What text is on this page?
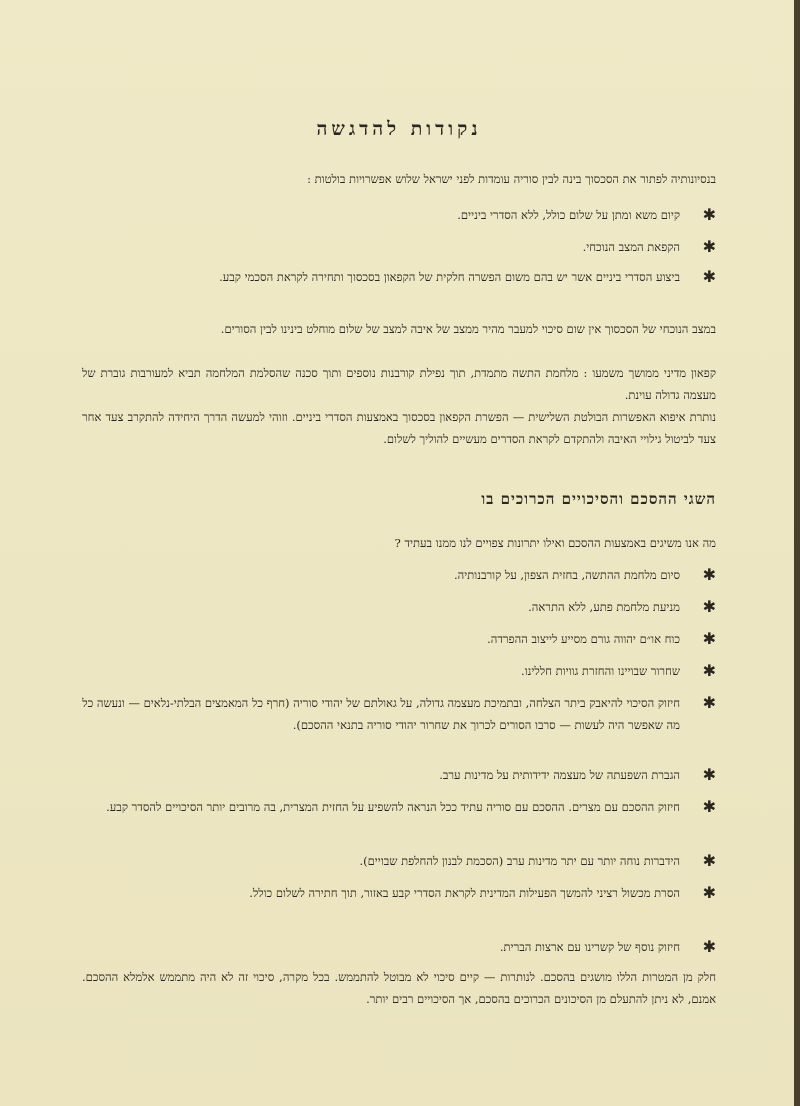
נקודות להדגשה

בנסיונותיה לפתור את הסכסוך בינה לבין סוריה עומדות לפני ישראל שלוש אפשרויות בולטות :

✱
קיום משא ומתן על שלום כולל, ללא הסדרי ביניים.
✱
הקפאת המצב הנוכחי.
✱
ביצוע הסדרי ביניים אשר יש בהם משום הפשרה חלקית של הקפאון בסכסוך ותחירה לקראת הסכמי קבע.

במצב הנוכחי של הסכסוך אין שום סיכוי למעבר מהיר ממצב של איבה למצב של שלום מוחלט בינינו לבין הסורים.

קפאון מדיני ממושך משמעו : מלחמת התשה מתמדת, תוך נפילת קורבנות נוספים ותוך סכנה שהסלמת המלחמה תביא למעורבות גוברת של מעצמה גדולה עוינת.

נותרת איפוא האפשרות הבולטת השלישית — הפשרת הקפאון בסכסוך באמצעות הסדרי ביניים. וזוהי למעשה הדרך היחידה להתקרב צעד אחר צעד לביטול גילויי האיבה ולהתקדם לקראת הסדרים מעשיים להוליך לשלום.

השגי ההסכם והסיכויים הכרוכים בו

מה אנו משיגים באמצעות ההסכם ואילו יתרונות צפויים לנו ממנו בעתיד ?

✱
סיום מלחמת ההתשה, בחזית הצפון, על קורבנותיה.
✱
מניעת מלחמת פתע, ללא התראה.
✱
כוח או״ם יהווה גורם מסייע לייצוב ההפרדה.
✱
שחרור שבויינו והחזרת גוויות חללינו.
✱
חיזוק הסיכוי להיאבק ביתר הצלחה, ובתמיכת מעצמה גדולה, על גאולתם של יהודי סוריה (חרף כל המאמצים הבלתי-נלאים — ונעשה כל מה שאפשר היה לעשות — סרבו הסורים לכרוך את שחרור יהודי סוריה בתנאי ההסכם).
✱
הגברת השפעתה של מעצמה ידידותית על מדינות ערב.
✱
חיזוק ההסכם עם מצרים. ההסכם עם סוריה עתיד ככל הנראה להשפיע על החזית המצרית, בה מרובים יותר הסיכויים להסדר קבע.
✱
הידברות נוחה יותר עם יתר מדינות ערב (הסכמת לבנון להחלפת שבויים).
✱
הסרת מכשול רציני להמשך הפעילות המדינית לקראת הסדרי קבע באזור, תוך חתירה לשלום כולל.
✱
חיזוק נוסף של קשרינו עם ארצות הברית.

חלק מן המטרות הללו מושגים בהסכם. לנותרות — קיים סיכוי לא מבוטל להתממש. בכל מקרה, סיכוי זה לא היה מתממש אלמלא ההסכם. אמנם, לא ניתן להתעלם מן הסיכונים הכרוכים בהסכם, אך הסיכויים רבים יותר.
